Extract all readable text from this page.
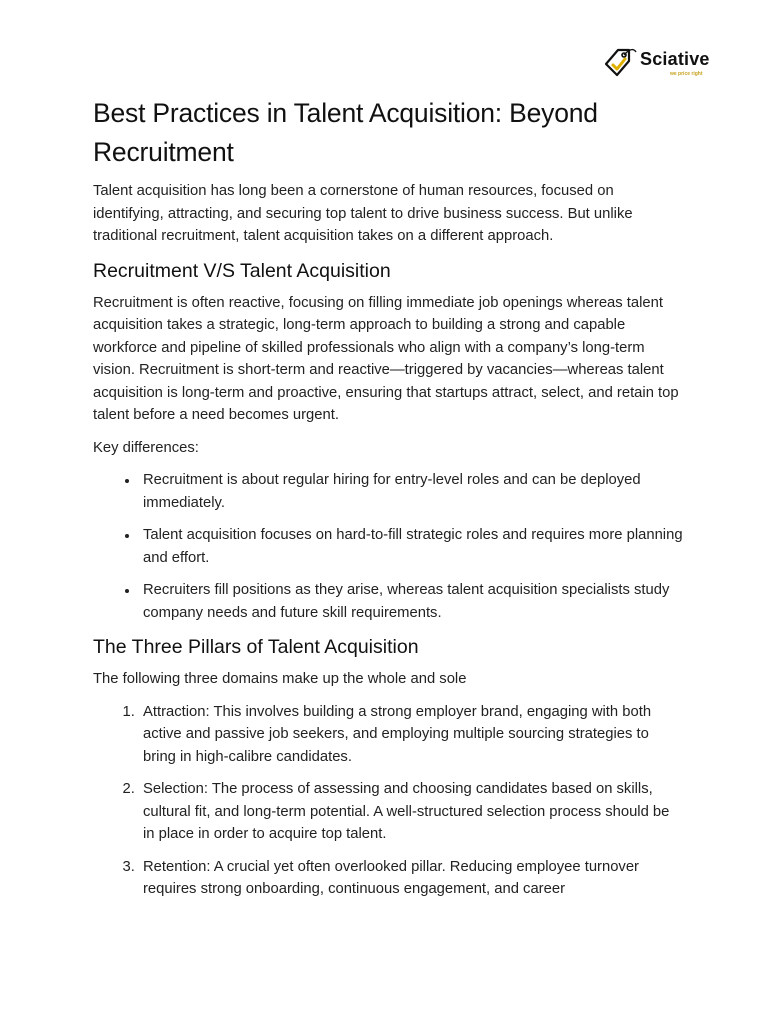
Sciative
we price right
Best Practices in Talent Acquisition: Beyond Recruitment

Talent acquisition has long been a cornerstone of human resources, focused on identifying, attracting, and securing top talent to drive business success. But unlike traditional recruitment, talent acquisition takes on a different approach.

Recruitment V/S Talent Acquisition

Recruitment is often reactive, focusing on filling immediate job openings whereas talent acquisition takes a strategic, long-term approach to building a strong and capable workforce and pipeline of skilled professionals who align with a company’s long-term vision. Recruitment is short-term and reactive—triggered by vacancies—whereas talent acquisition is long-term and proactive, ensuring that startups attract, select, and retain top talent before a need becomes urgent.

Key differences:

• Recruitment is about regular hiring for entry-level roles and can be deployed immediately.
• Talent acquisition focuses on hard-to-fill strategic roles and requires more planning and effort.
• Recruiters fill positions as they arise, whereas talent acquisition specialists study company needs and future skill requirements.
The Three Pillars of Talent Acquisition

The following three domains make up the whole and sole

1. Attraction: This involves building a strong employer brand, engaging with both active and passive job seekers, and employing multiple sourcing strategies to bring in high-calibre candidates.
2. Selection: The process of assessing and choosing candidates based on skills, cultural fit, and long-term potential. A well-structured selection process should be in place in order to acquire top talent.
3. Retention: A crucial yet often overlooked pillar. Reducing employee turnover requires strong onboarding, continuous engagement, and career
